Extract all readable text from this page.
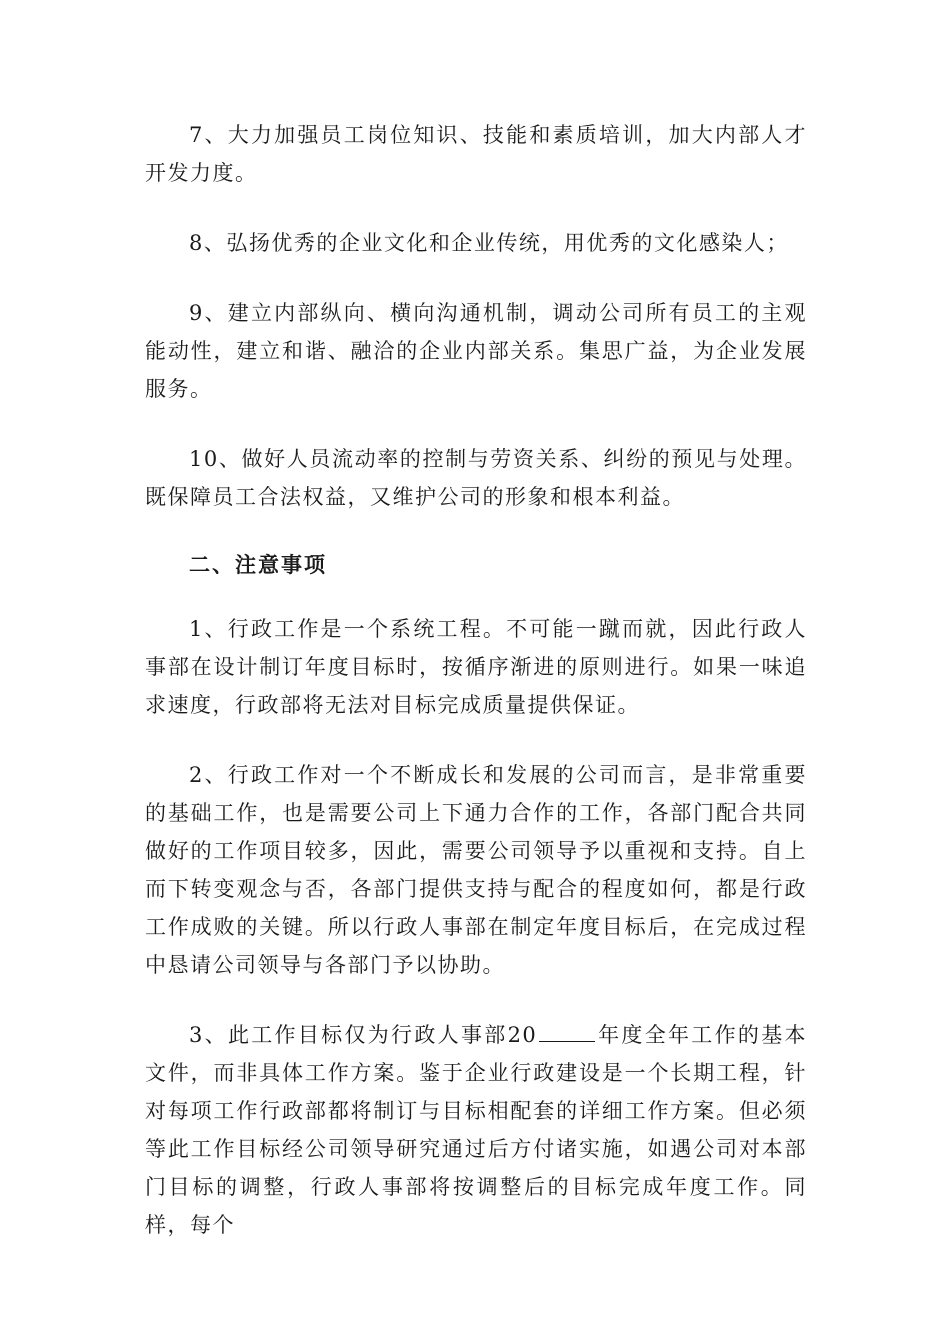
7、大力加强员工岗位知识、技能和素质培训，加大内部人才开发力度。

8、弘扬优秀的企业文化和企业传统，用优秀的文化感染人；

9、建立内部纵向、横向沟通机制，调动公司所有员工的主观能动性，建立和谐、融洽的企业内部关系。集思广益，为企业发展服务。

10、做好人员流动率的控制与劳资关系、纠纷的预见与处理。既保障员工合法权益，又维护公司的形象和根本利益。

二、注意事项

1、行政工作是一个系统工程。不可能一蹴而就，因此行政人事部在设计制订年度目标时，按循序渐进的原则进行。如果一味追求速度，行政部将无法对目标完成质量提供保证。

2、行政工作对一个不断成长和发展的公司而言，是非常重要的基础工作，也是需要公司上下通力合作的工作，各部门配合共同做好的工作项目较多，因此，需要公司领导予以重视和支持。自上而下转变观念与否，各部门提供支持与配合的程度如何，都是行政工作成败的关键。所以行政人事部在制定年度目标后，在完成过程中恳请公司领导与各部门予以协助。

3、此工作目标仅为行政人事部20	年度全年工作的基本文件，而非具体工作方案。鉴于企业行政建设是一个长期工程，针对每项工作行政部都将制订与目标相配套的详细工作方案。但必须等此工作目标经公司领导研究通过后方付诸实施，如遇公司对本部门目标的调整，行政人事部将按调整后的目标完成年度工作。同样，每个
